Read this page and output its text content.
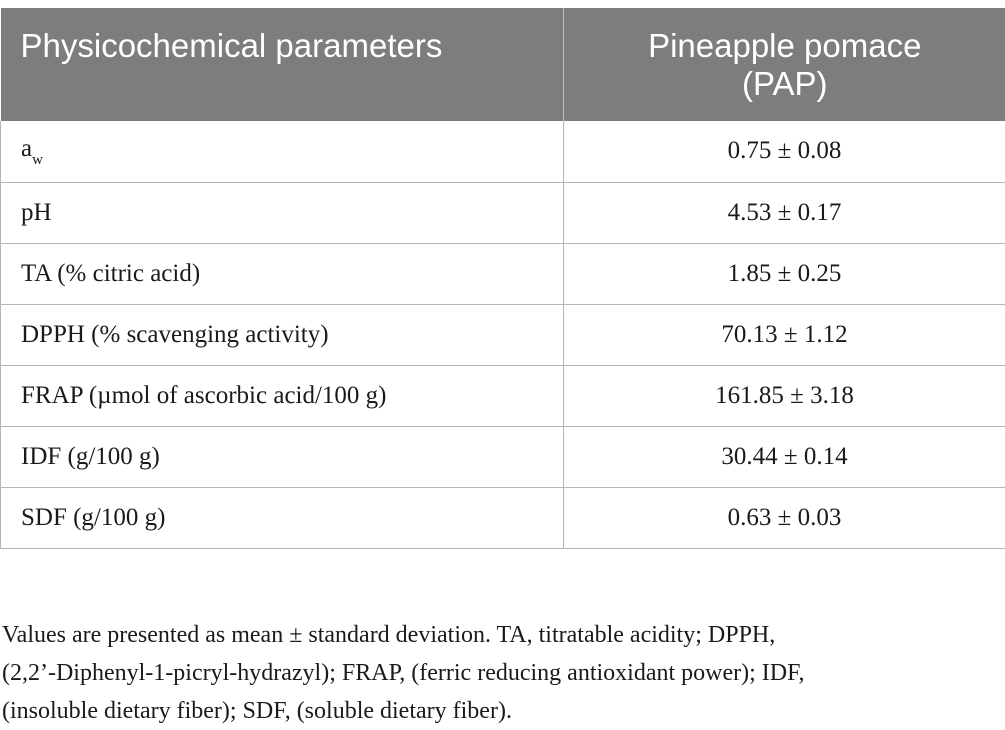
Physicochemical parameters	Pineapple pomace (PAP)
$a_w$	0.75 ± 0.08
pH	4.53 ± 0.17
TA (% citric acid)	1.85 ± 0.25
DPPH (% scavenging activity)	70.13 ± 1.12
FRAP (µmol of ascorbic acid/100 g)	161.85 ± 3.18
IDF (g/100 g)	30.44 ± 0.14
SDF (g/100 g)	0.63 ± 0.03
Values are presented as mean ± standard deviation. TA, titratable acidity; DPPH,
(2,2’-Diphenyl-1-picryl-hydrazyl); FRAP, (ferric reducing antioxidant power); IDF,
(insoluble dietary fiber); SDF, (soluble dietary fiber).
